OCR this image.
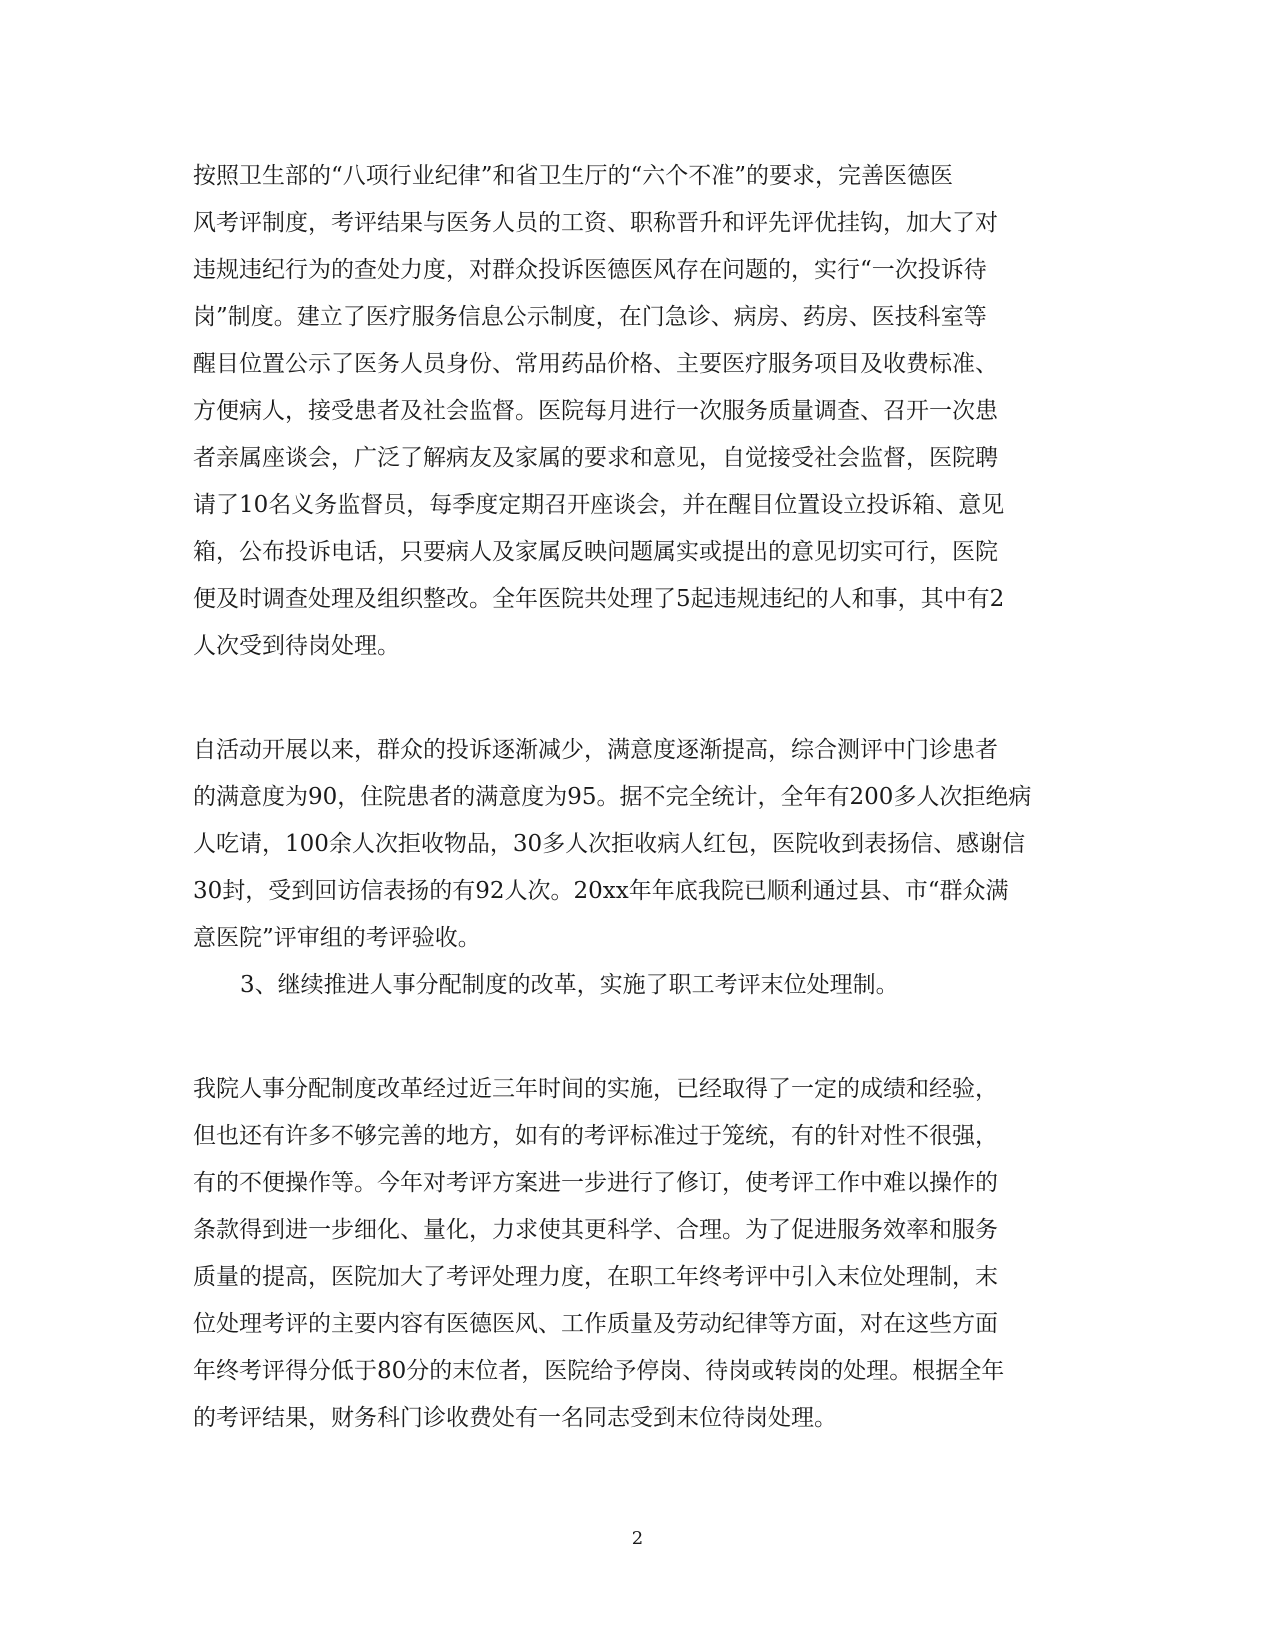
按照卫生部的“八项行业纪律”和省卫生厅的“六个不准”的要求，完善医德医
风考评制度，考评结果与医务人员的工资、职称晋升和评先评优挂钩，加大了对
违规违纪行为的查处力度，对群众投诉医德医风存在问题的，实行“一次投诉待
岗”制度。建立了医疗服务信息公示制度，在门急诊、病房、药房、医技科室等
醒目位置公示了医务人员身份、常用药品价格、主要医疗服务项目及收费标准、
方便病人，接受患者及社会监督。医院每月进行一次服务质量调查、召开一次患
者亲属座谈会，广泛了解病友及家属的要求和意见，自觉接受社会监督，医院聘
请了10名义务监督员，每季度定期召开座谈会，并在醒目位置设立投诉箱、意见
箱，公布投诉电话，只要病人及家属反映问题属实或提出的意见切实可行，医院
便及时调查处理及组织整改。全年医院共处理了5起违规违纪的人和事，其中有2
人次受到待岗处理。
自活动开展以来，群众的投诉逐渐减少，满意度逐渐提高，综合测评中门诊患者
的满意度为90，住院患者的满意度为95。据不完全统计，全年有200多人次拒绝病
人吃请，100余人次拒收物品，30多人次拒收病人红包，医院收到表扬信、感谢信
30封，受到回访信表扬的有92人次。20xx年年底我院已顺利通过县、市“群众满
意医院”评审组的考评验收。
3、继续推进人事分配制度的改革，实施了职工考评末位处理制。
我院人事分配制度改革经过近三年时间的实施，已经取得了一定的成绩和经验，
但也还有许多不够完善的地方，如有的考评标准过于笼统，有的针对性不很强，
有的不便操作等。今年对考评方案进一步进行了修订，使考评工作中难以操作的
条款得到进一步细化、量化，力求使其更科学、合理。为了促进服务效率和服务
质量的提高，医院加大了考评处理力度，在职工年终考评中引入末位处理制，末
位处理考评的主要内容有医德医风、工作质量及劳动纪律等方面，对在这些方面
年终考评得分低于80分的末位者，医院给予停岗、待岗或转岗的处理。根据全年
的考评结果，财务科门诊收费处有一名同志受到末位待岗处理。
2
